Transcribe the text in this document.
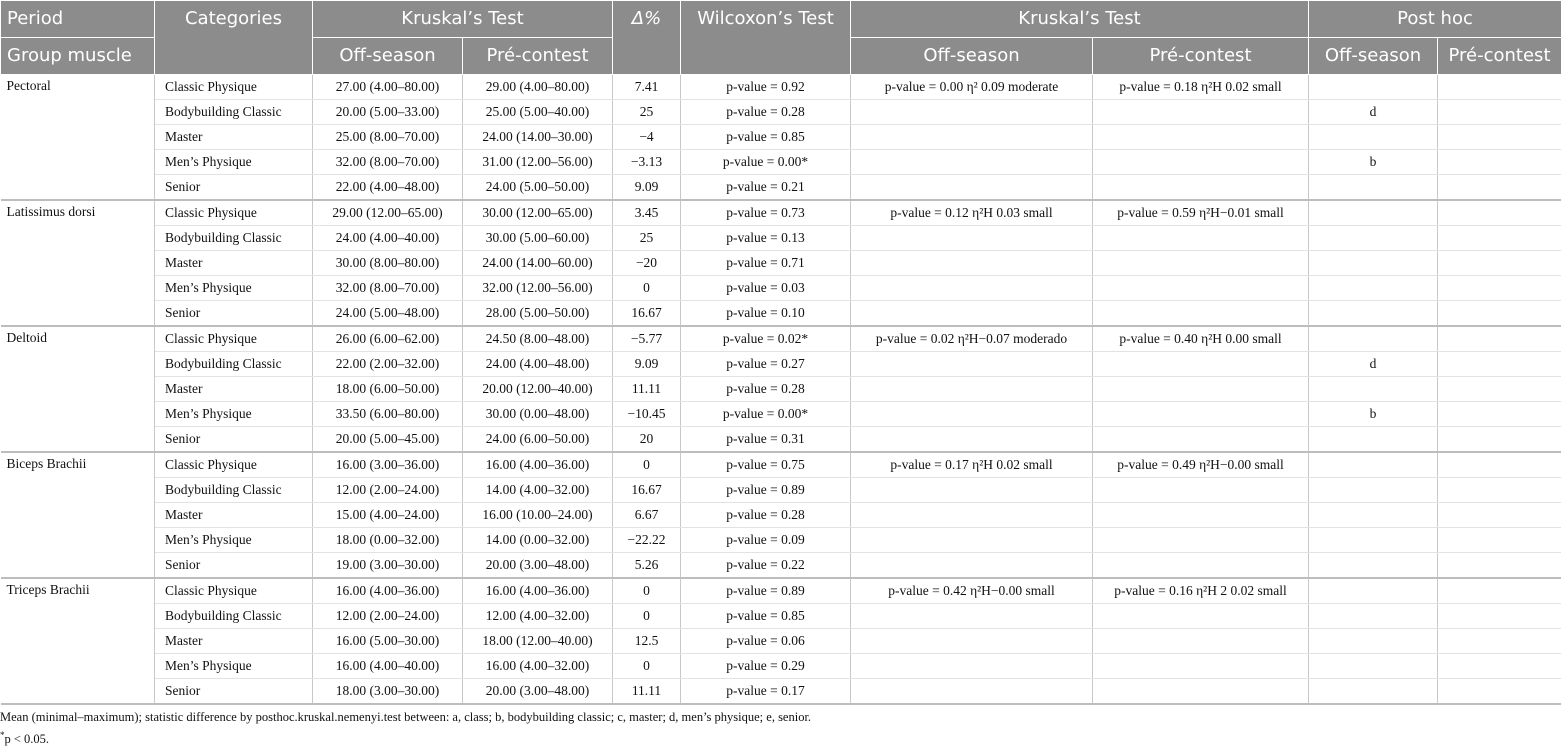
Period	Categories	Kruskal’s Test		Δ%	Wilcoxon’s Test	Kruskal’s Test		Post hoc	
Group muscle		Off-season	Pré-contest			Off-season	Pré-contest	Off-season	Pré-contest
Pectoral	Classic Physique	27.00 (4.00–80.00)	29.00 (4.00–80.00)	7.41	p-value = 0.92	p-value = 0.00 η² 0.09 moderate	p-value = 0.18 η²H 0.02 small		
	Bodybuilding Classic	20.00 (5.00–33.00)	25.00 (5.00–40.00)	25	p-value = 0.28			d	
	Master	25.00 (8.00–70.00)	24.00 (14.00–30.00)	−4	p-value = 0.85				
	Men’s Physique	32.00 (8.00–70.00)	31.00 (12.00–56.00)	−3.13	p-value = 0.00*			b	
	Senior	22.00 (4.00–48.00)	24.00 (5.00–50.00)	9.09	p-value = 0.21				
Latissimus dorsi	Classic Physique	29.00 (12.00–65.00)	30.00 (12.00–65.00)	3.45	p-value = 0.73	p-value = 0.12 η²H 0.03 small	p-value = 0.59 η²H−0.01 small		
	Bodybuilding Classic	24.00 (4.00–40.00)	30.00 (5.00–60.00)	25	p-value = 0.13				
	Master	30.00 (8.00–80.00)	24.00 (14.00–60.00)	−20	p-value = 0.71				
	Men’s Physique	32.00 (8.00–70.00)	32.00 (12.00–56.00)	0	p-value = 0.03				
	Senior	24.00 (5.00–48.00)	28.00 (5.00–50.00)	16.67	p-value = 0.10				
Deltoid	Classic Physique	26.00 (6.00–62.00)	24.50 (8.00–48.00)	−5.77	p-value = 0.02*	p-value = 0.02 η²H−0.07 moderado	p-value = 0.40 η²H 0.00 small		
	Bodybuilding Classic	22.00 (2.00–32.00)	24.00 (4.00–48.00)	9.09	p-value = 0.27			d	
	Master	18.00 (6.00–50.00)	20.00 (12.00–40.00)	11.11	p-value = 0.28				
	Men’s Physique	33.50 (6.00–80.00)	30.00 (0.00–48.00)	−10.45	p-value = 0.00*			b	
	Senior	20.00 (5.00–45.00)	24.00 (6.00–50.00)	20	p-value = 0.31				
Biceps Brachii	Classic Physique	16.00 (3.00–36.00)	16.00 (4.00–36.00)	0	p-value = 0.75	p-value = 0.17 η²H 0.02 small	p-value = 0.49 η²H−0.00 small		
	Bodybuilding Classic	12.00 (2.00–24.00)	14.00 (4.00–32.00)	16.67	p-value = 0.89				
	Master	15.00 (4.00–24.00)	16.00 (10.00–24.00)	6.67	p-value = 0.28				
	Men’s Physique	18.00 (0.00–32.00)	14.00 (0.00–32.00)	−22.22	p-value = 0.09				
	Senior	19.00 (3.00–30.00)	20.00 (3.00–48.00)	5.26	p-value = 0.22				
Triceps Brachii	Classic Physique	16.00 (4.00–36.00)	16.00 (4.00–36.00)	0	p-value = 0.89	p-value = 0.42 η²H−0.00 small	p-value = 0.16 η²H 2 0.02 small		
	Bodybuilding Classic	12.00 (2.00–24.00)	12.00 (4.00–32.00)	0	p-value = 0.85				
	Master	16.00 (5.00–30.00)	18.00 (12.00–40.00)	12.5	p-value = 0.06				
	Men’s Physique	16.00 (4.00–40.00)	16.00 (4.00–32.00)	0	p-value = 0.29				
	Senior	18.00 (3.00–30.00)	20.00 (3.00–48.00)	11.11	p-value = 0.17				
Mean (minimal–maximum); statistic difference by posthoc.kruskal.nemenyi.test between: a, class; b, bodybuilding classic; c, master; d, men’s physique; e, senior.
*p < 0.05.
